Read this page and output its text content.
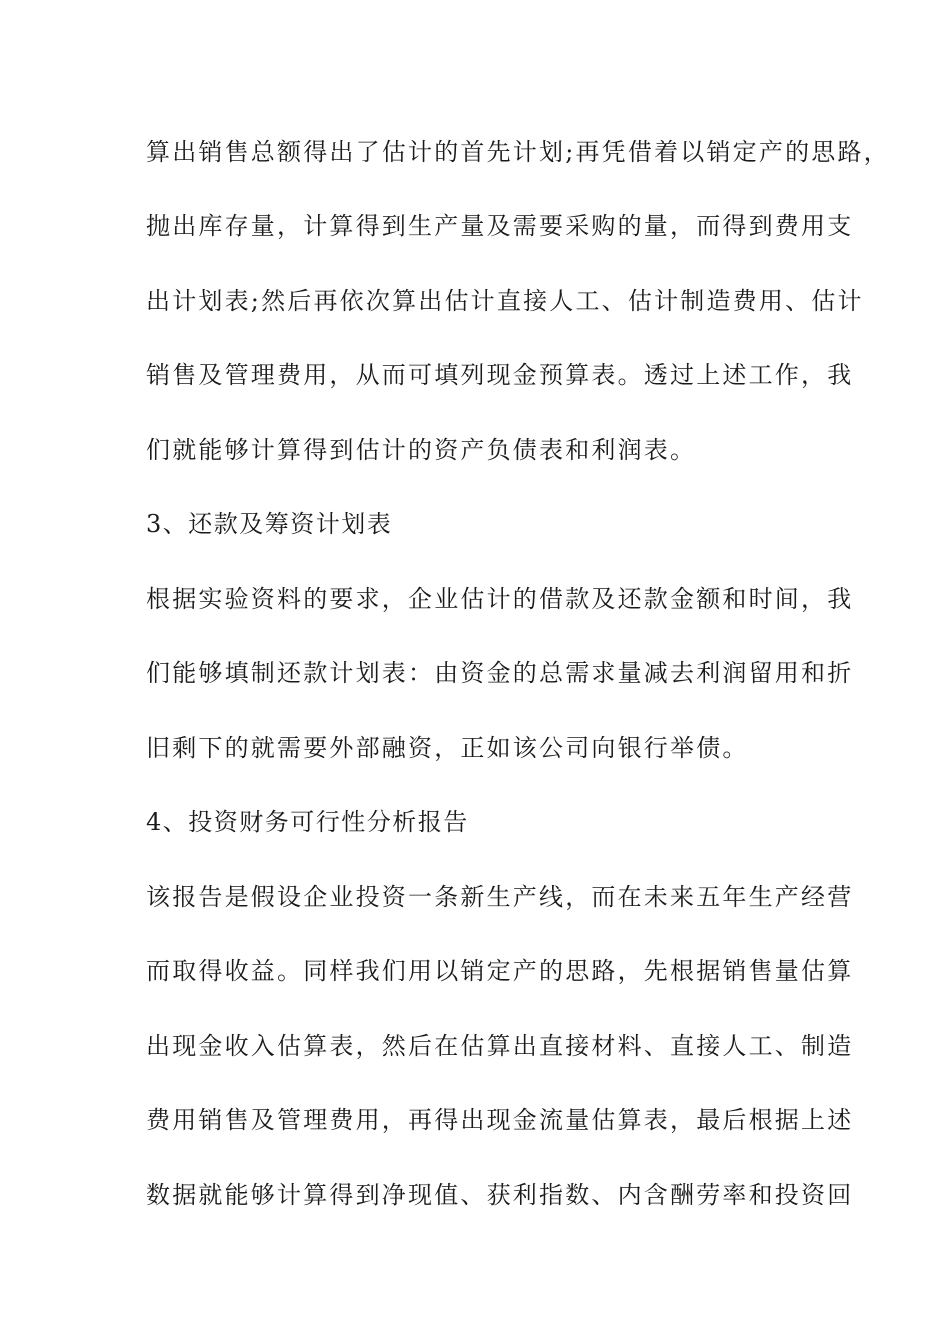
算出销售总额得出了估计的首先计划;再凭借着以销定产的思路，
抛出库存量，计算得到生产量及需要采购的量，而得到费用支
出计划表;然后再依次算出估计直接人工、估计制造费用、估计
销售及管理费用，从而可填列现金预算表。透过上述工作，我
们就能够计算得到估计的资产负债表和利润表。
3、还款及筹资计划表
根据实验资料的要求，企业估计的借款及还款金额和时间，我
们能够填制还款计划表：由资金的总需求量减去利润留用和折
旧剩下的就需要外部融资，正如该公司向银行举债。
4、投资财务可行性分析报告
该报告是假设企业投资一条新生产线，而在未来五年生产经营
而取得收益。同样我们用以销定产的思路，先根据销售量估算
出现金收入估算表，然后在估算出直接材料、直接人工、制造
费用销售及管理费用，再得出现金流量估算表，最后根据上述
数据就能够计算得到净现值、获利指数、内含酬劳率和投资回
